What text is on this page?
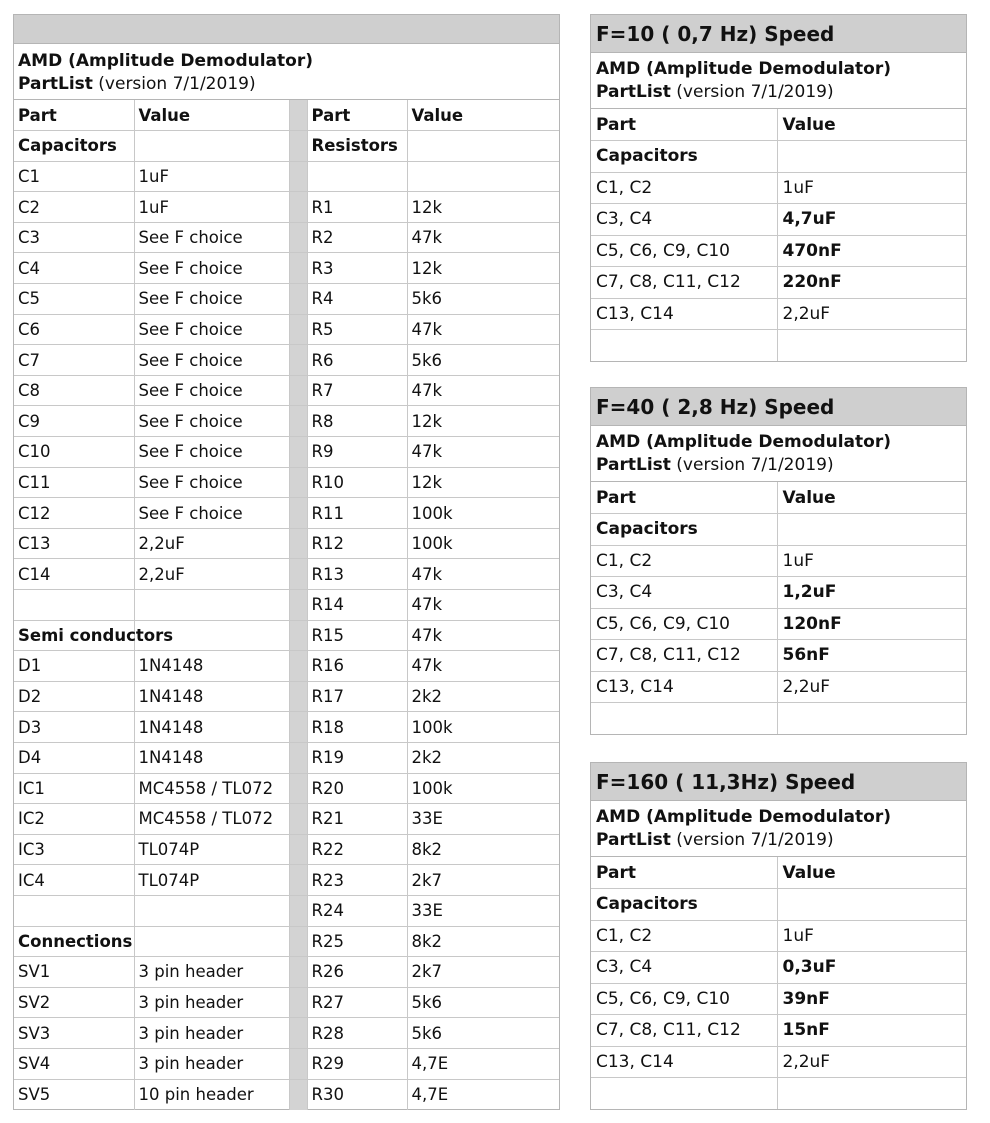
AMD (Amplitude Demodulator)
PartList (version 7/1/2019)
Part	Value		Part	Value
Capacitors			Resistors	
C1	1uF			
C2	1uF		R1	12k
C3	See F choice		R2	47k
C4	See F choice		R3	12k
C5	See F choice		R4	5k6
C6	See F choice		R5	47k
C7	See F choice		R6	5k6
C8	See F choice		R7	47k
C9	See F choice		R8	12k
C10	See F choice		R9	47k
C11	See F choice		R10	12k
C12	See F choice		R11	100k
C13	2,2uF		R12	100k
C14	2,2uF		R13	47k
			R14	47k
Semi conductors			R15	47k
D1	1N4148		R16	47k
D2	1N4148		R17	2k2
D3	1N4148		R18	100k
D4	1N4148		R19	2k2
IC1	MC4558 / TL072		R20	100k
IC2	MC4558 / TL072		R21	33E
IC3	TL074P		R22	8k2
IC4	TL074P		R23	2k7
			R24	33E
Connections			R25	8k2
SV1	3 pin header		R26	2k7
SV2	3 pin header		R27	5k6
SV3	3 pin header		R28	5k6
SV4	3 pin header		R29	4,7E
SV5	10 pin header		R30	4,7E
F=10 ( 0,7 Hz) Speed
AMD (Amplitude Demodulator)
PartList (version 7/1/2019)
Part	Value
Capacitors	
C1, C2	1uF
C3, C4	4,7uF
C5, C6, C9, C10	470nF
C7, C8, C11, C12	220nF
C13, C14	2,2uF

F=40 ( 2,8 Hz) Speed
AMD (Amplitude Demodulator)
PartList (version 7/1/2019)
Part	Value
Capacitors	
C1, C2	1uF
C3, C4	1,2uF
C5, C6, C9, C10	120nF
C7, C8, C11, C12	56nF
C13, C14	2,2uF

F=160 ( 11,3Hz) Speed
AMD (Amplitude Demodulator)
PartList (version 7/1/2019)
Part	Value
Capacitors	
C1, C2	1uF
C3, C4	0,3uF
C5, C6, C9, C10	39nF
C7, C8, C11, C12	15nF
C13, C14	2,2uF
